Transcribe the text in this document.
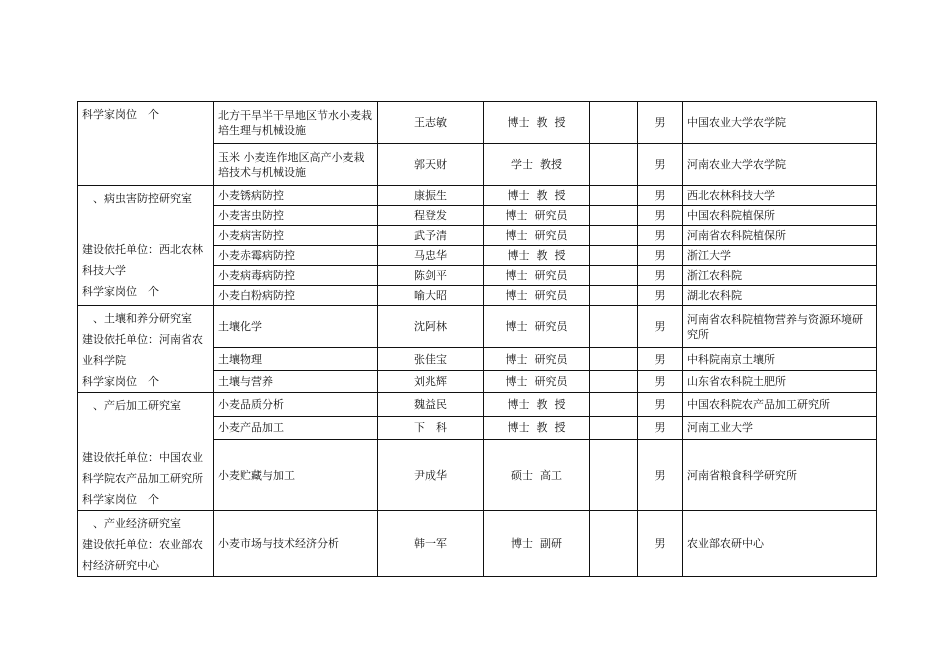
科学家岗位　个	北方干旱半干旱地区节水小麦栽培生理与机械设施	王志敏	博士  教  授		男	中国农业大学农学院
	玉米 小麦连作地区高产小麦栽培技术与机械设施	郭天财	学士  教授		男	河南农业大学农学院

　、病虫害防控研究室
建设依托单位：西北农林科技大学
科学家岗位　个	小麦锈病防控	康振生	博士  教  授		男	西北农林科技大学
	小麦害虫防控	程登发	博士  研究员		男	中国农科院植保所
	小麦病害防控	武予清	博士  研究员		男	河南省农科院植保所
	小麦赤霉病防控	马忠华	博士  教  授		男	浙江大学
	小麦病毒病防控	陈剑平	博士  研究员		男	浙江农科院
	小麦白粉病防控	喻大昭	博士  研究员		男	湖北农科院

　、土壤和养分研究室
建设依托单位：河南省农业科学院
科学家岗位　个	土壤化学	沈阿林	博士  研究员		男	河南省农科院植物营养与资源环境研究所
	土壤物理	张佳宝	博士  研究员		男	中科院南京土壤所
	土壤与营养	刘兆辉	博士  研究员		男	山东省农科院土肥所

　、产后加工研究室
建设依托单位：中国农业科学院农产品加工研究所
科学家岗位　个	小麦品质分析	魏益民	博士  教  授		男	中国农科院农产品加工研究所
	小麦产品加工	下　科	博士  教  授		男	河南工业大学
	小麦贮藏与加工	尹成华	硕士  高工		男	河南省粮食科学研究所

　、产业经济研究室
建设依托单位：农业部农村经济研究中心	小麦市场与技术经济分析	韩一军	博士  副研		男	农业部农研中心
